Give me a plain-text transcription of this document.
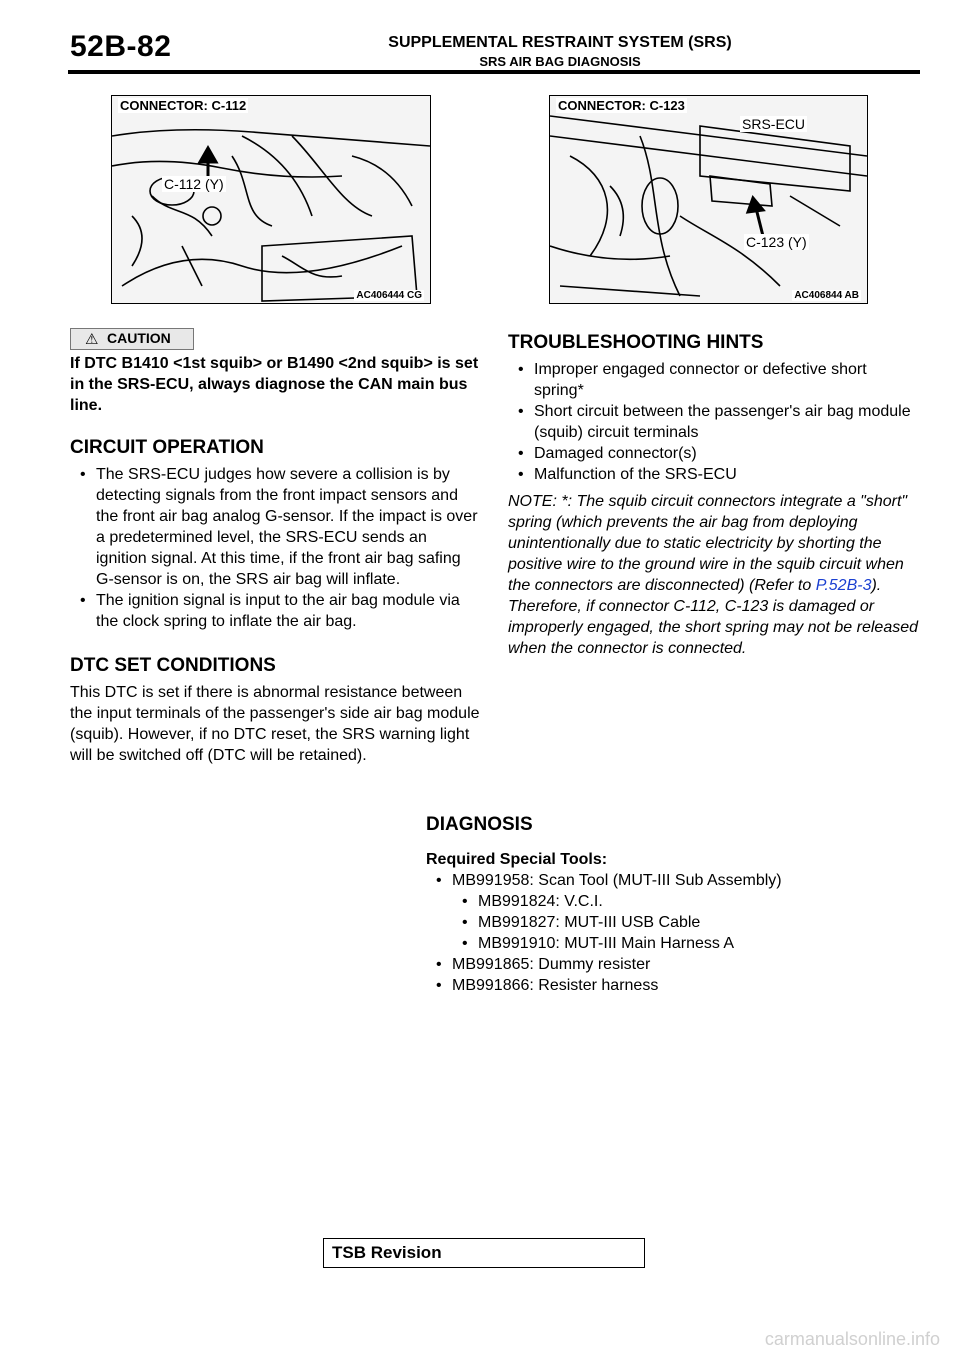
52B-82	SUPPLEMENTAL RESTRAINT SYSTEM (SRS)
SRS AIR BAG DIAGNOSIS
CONNECTOR: C-112
C-112 (Y)
AC406444 CG
CONNECTOR: C-123
SRS-ECU
C-123 (Y)
AC406844 AB
⚠ CAUTION

If DTC B1410 <1st squib> or B1490 <2nd squib> is set in the SRS-ECU, always diagnose the CAN main bus line.

CIRCUIT OPERATION
• The SRS-ECU judges how severe a collision is by detecting signals from the front impact sensors and the front air bag analog G-sensor. If the impact is over a predetermined level, the SRS-ECU sends an ignition signal. At this time, if the front air bag safing G-sensor is on, the SRS air bag will inflate.
• The ignition signal is input to the air bag module via the clock spring to inflate the air bag.
DTC SET CONDITIONS

This DTC is set if there is abnormal resistance between the input terminals of the passenger's side air bag module (squib). However, if no DTC reset, the SRS warning light will be switched off (DTC will be retained).

TROUBLESHOOTING HINTS
• Improper engaged connector or defective short spring*
• Short circuit between the passenger's air bag module (squib) circuit terminals
• Damaged connector(s)
• Malfunction of the SRS-ECU

NOTE: *: The squib circuit connectors integrate a "short" spring (which prevents the air bag from deploying unintentionally due to static electricity by shorting the positive wire to the ground wire in the squib circuit when the connectors are disconnected) (Refer to P.52B-3). Therefore, if connector C-112, C-123 is damaged or improperly engaged, the short spring may not be released when the connector is connected.

DIAGNOSIS

Required Special Tools:

• MB991958: Scan Tool (MUT-III Sub Assembly)
• MB991824: V.C.I.
• MB991827: MUT-III USB Cable
• MB991910: MUT-III Main Harness A
• MB991865: Dummy resister
• MB991866: Resister harness
TSB Revision
carmanualsonline.info
